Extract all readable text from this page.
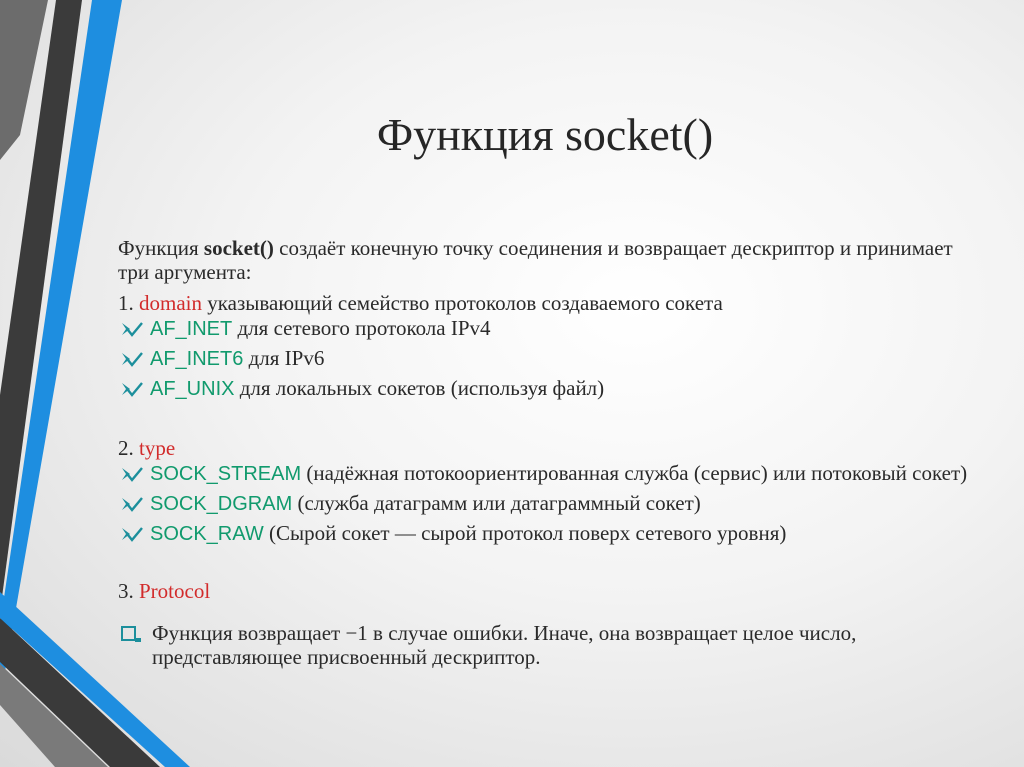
Функция socket()

Функция socket() создаёт конечную точку соединения и возвращает дескриптор и принимает три аргумента:

1. domain указывающий семейство протоколов создаваемого сокета

AF_INET для сетевого протокола IPv4
AF_INET6 для IPv6
AF_UNIX для локальных сокетов (используя файл)

2. type

SOCK_STREAM (надёжная потокоориентированная служба (сервис) или потоковый сокет)
SOCK_DGRAM (служба датаграмм или датаграммный сокет)
SOCK_RAW (Сырой сокет — сырой протокол поверх сетевого уровня)

3. Protocol

Функция возвращает −1 в случае ошибки. Иначе, она возвращает целое число, представляющее присвоенный дескриптор.
